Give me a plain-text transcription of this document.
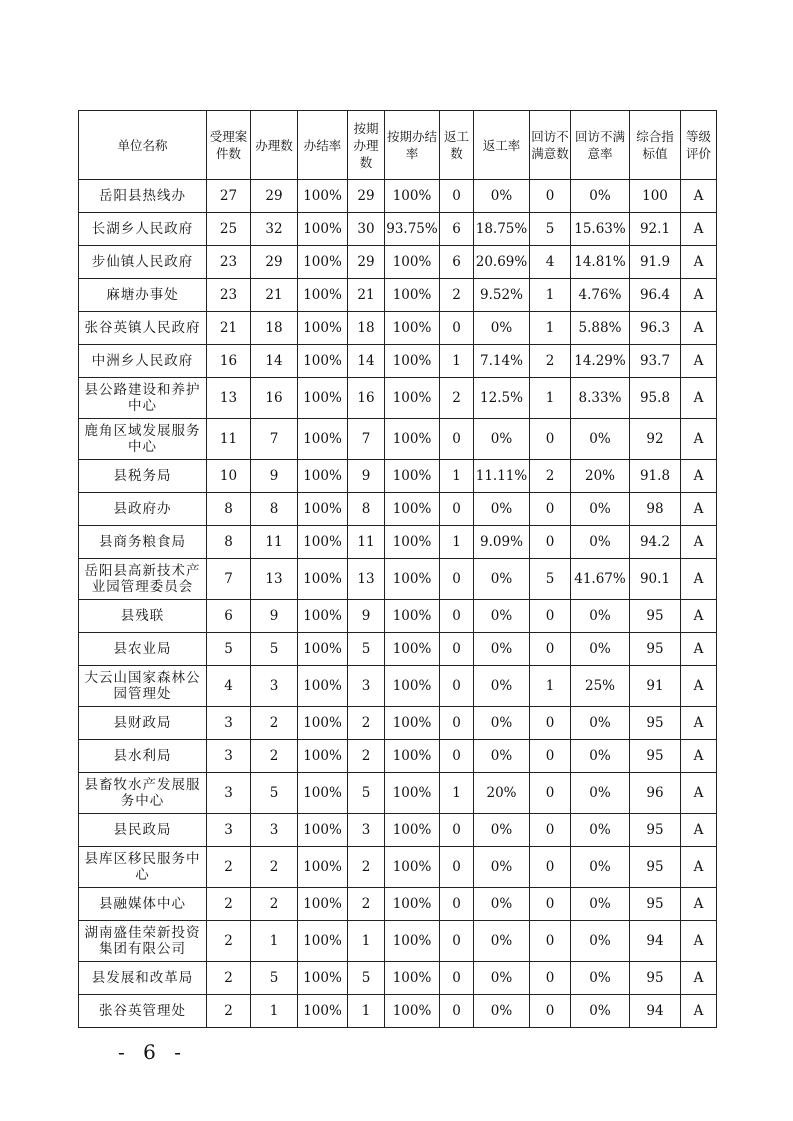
单位名称	受理案件数	办理数	办结率	按期办理数	按期办结率	返工数	返工率	回访不满意数	回访不满意率	综合指标值	等级评价
岳阳县热线办	27	29	100%	29	100%	0	0%	0	0%	100	A
长湖乡人民政府	25	32	100%	30	93.75%	6	18.75%	5	15.63%	92.1	A
步仙镇人民政府	23	29	100%	29	100%	6	20.69%	4	14.81%	91.9	A
麻塘办事处	23	21	100%	21	100%	2	9.52%	1	4.76%	96.4	A
张谷英镇人民政府	21	18	100%	18	100%	0	0%	1	5.88%	96.3	A
中洲乡人民政府	16	14	100%	14	100%	1	7.14%	2	14.29%	93.7	A
县公路建设和养护中心	13	16	100%	16	100%	2	12.5%	1	8.33%	95.8	A
鹿角区域发展服务中心	11	7	100%	7	100%	0	0%	0	0%	92	A
县税务局	10	9	100%	9	100%	1	11.11%	2	20%	91.8	A
县政府办	8	8	100%	8	100%	0	0%	0	0%	98	A
县商务粮食局	8	11	100%	11	100%	1	9.09%	0	0%	94.2	A
岳阳县高新技术产业园管理委员会	7	13	100%	13	100%	0	0%	5	41.67%	90.1	A
县残联	6	9	100%	9	100%	0	0%	0	0%	95	A
县农业局	5	5	100%	5	100%	0	0%	0	0%	95	A
大云山国家森林公园管理处	4	3	100%	3	100%	0	0%	1	25%	91	A
县财政局	3	2	100%	2	100%	0	0%	0	0%	95	A
县水利局	3	2	100%	2	100%	0	0%	0	0%	95	A
县畜牧水产发展服务中心	3	5	100%	5	100%	1	20%	0	0%	96	A
县民政局	3	3	100%	3	100%	0	0%	0	0%	95	A
县库区移民服务中心	2	2	100%	2	100%	0	0%	0	0%	95	A
县融媒体中心	2	2	100%	2	100%	0	0%	0	0%	95	A
湖南盛佳荣新投资集团有限公司	2	1	100%	1	100%	0	0%	0	0%	94	A
县发展和改革局	2	5	100%	5	100%	0	0%	0	0%	95	A
张谷英管理处	2	1	100%	1	100%	0	0%	0	0%	94	A
- 6 -
